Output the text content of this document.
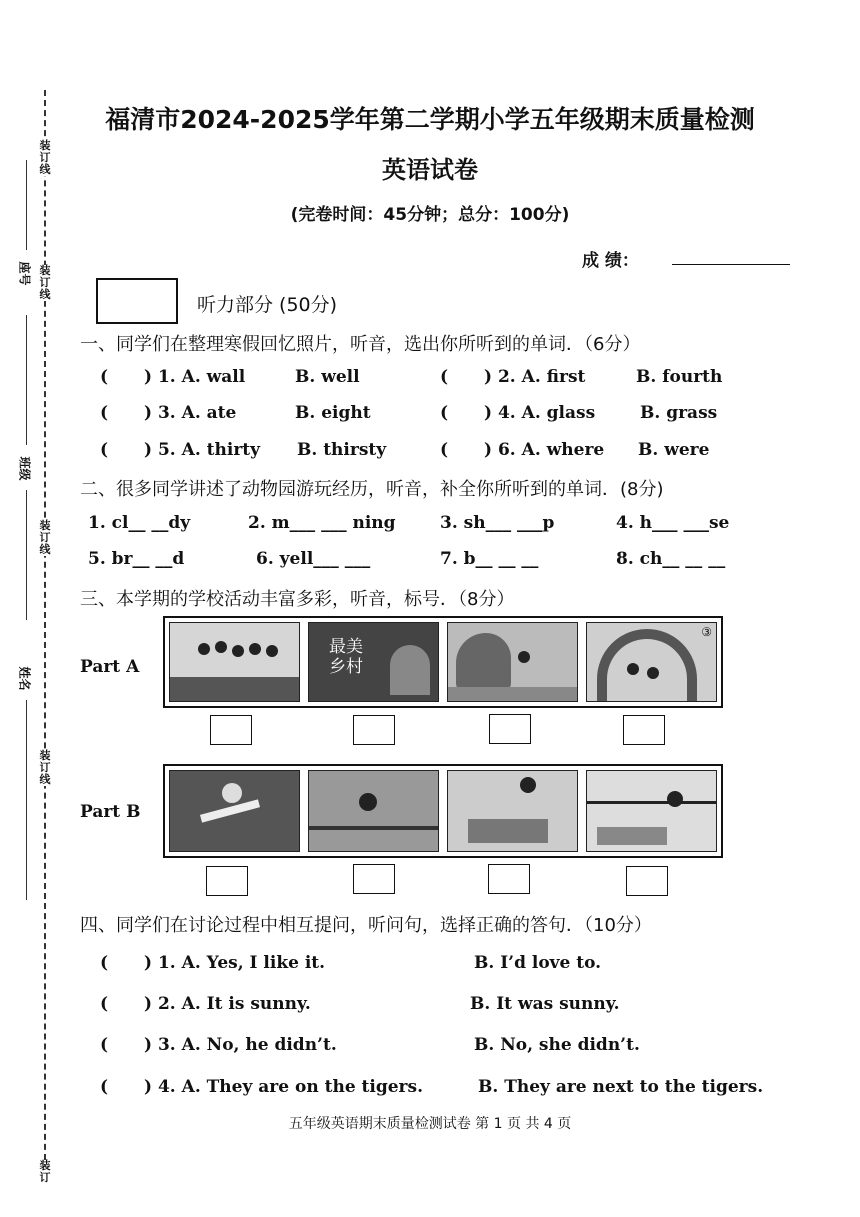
装订线
装订线
装订线
装订线
装订
座号
班级
姓名
福清市2024-2025学年第二学期小学五年级期末质量检测
英语试卷
(完卷时间：45分钟；总分：100分)
成 绩：
听力部分 (50分)
一、同学们在整理寒假回忆照片，听音，选出你所听到的单词．（6分）
( ) 1. A. wall	B. well	( ) 2. A. first	B. fourth
( ) 3. A. ate	B. eight	( ) 4. A. glass	B. grass
( ) 5. A. thirty B. thirsty	( ) 6. A. where B. were
二、很多同学讲述了动物园游玩经历，听音，补全你所听到的单词．(8分)
1. cl__ __dy	2. m___ ___ ning	3. sh___ ___p	4. h___ ___se
5. br__ __d	6. yell___ ___	7. b__ __ __	8. ch__ __ __
三、本学期的学校活动丰富多彩，听音，标号．（8分）
Part A
最美乡村
③
Part B
四、同学们在讨论过程中相互提问，听问句，选择正确的答句．（10分）
( ) 1. A. Yes, I like it.	B. I’d love to.
( ) 2. A. It is sunny.	B. It was sunny.
( ) 3. A. No, he didn’t.	B. No, she didn’t.
( ) 4. A. They are on the tigers.	B. They are next to the tigers.
五年级英语期末质量检测试卷 第 1 页 共 4 页
